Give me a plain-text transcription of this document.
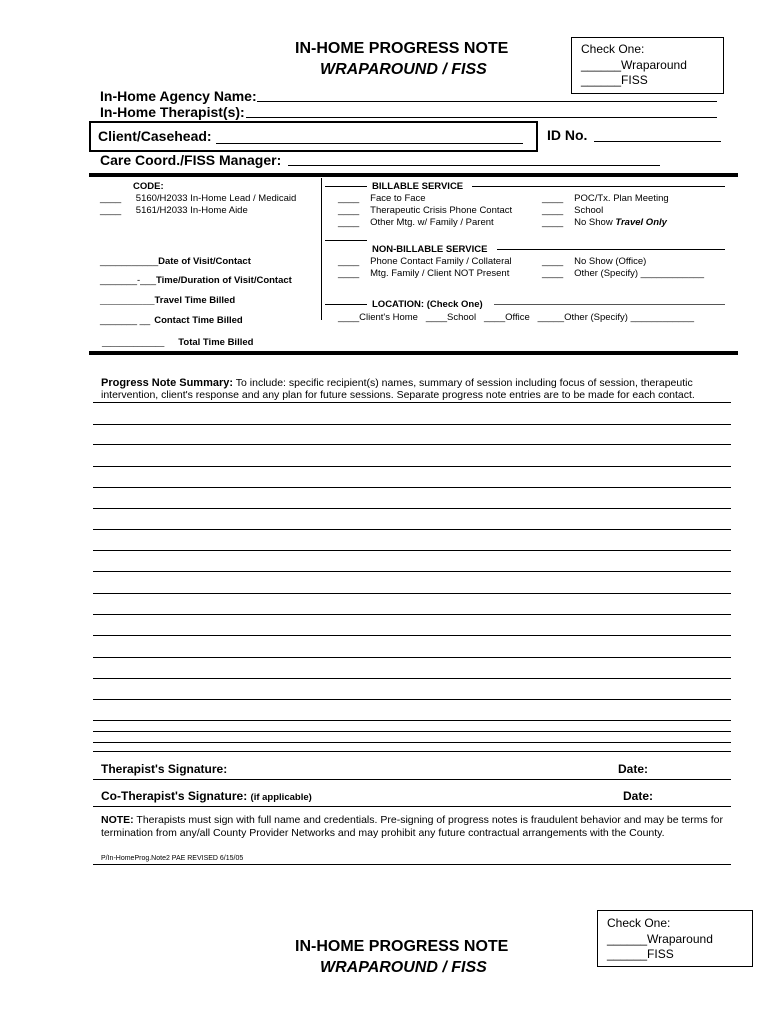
IN-HOME PROGRESS NOTE
WRAPAROUND / FISS
Check One:
______Wraparound
______FISS
In-Home Agency Name:
In-Home Therapist(s):
Client/Casehead:	ID No.
Care Coord./FISS Manager:
CODE:
____ 5160/H2033 In-Home Lead / Medicaid
____ 5161/H2033 In-Home Aide
___________Date of Visit/Contact
_______-___Time/Duration of Visit/Contact
______________Travel Time Billed
_______ __ Contact Time Billed
______________ Total Time Billed
BILLABLE SERVICE
____ Face to Face
____ Therapeutic Crisis Phone Contact
____ Other Mtg. w/ Family / Parent
____ POC/Tx. Plan Meeting
____ School
____ No Show Travel Only
NON-BILLABLE SERVICE
____ Phone Contact Family / Collateral
____ Mtg. Family / Client NOT Present
____ No Show (Office)
____ Other (Specify) ____________
LOCATION: (Check One)
____Client's Home   ____School   ____Office   _____Other (Specify) ____________
Progress Note Summary: To include: specific recipient(s) names, summary of session including focus of session, therapeutic intervention, client's response and any plan for future sessions. Separate progress note entries are to be made for each contact.
Therapist's Signature:	Date:
Co-Therapist's Signature: (if applicable)	Date:
NOTE: Therapists must sign with full name and credentials. Pre-signing of progress notes is fraudulent behavior and may be terms for termination from any/all County Provider Networks and may prohibit any future contractual arrangements with the County.
P/In-HomeProg.Note2 PAE REVISED 6/15/05
Check One:
______Wraparound
______FISS
IN-HOME PROGRESS NOTE
WRAPAROUND / FISS
